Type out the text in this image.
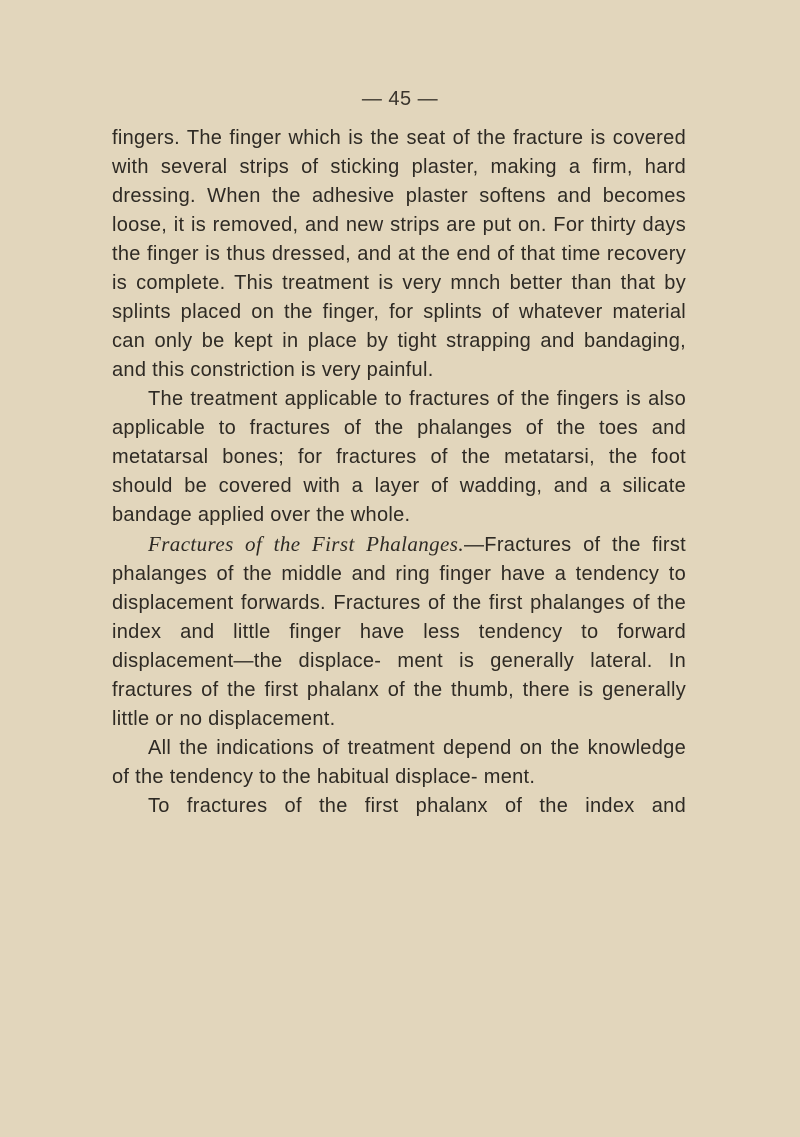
— 45 —

fingers. The finger which is the seat of the fracture is covered with several strips of sticking plaster, making a firm, hard dressing. When the adhesive plaster softens and becomes loose, it is removed, and new strips are put on. For thirty days the finger is thus dressed, and at the end of that time recovery is complete. This treatment is very mnch better than that by splints placed on the finger, for splints of whatever material can only be kept in place by tight strapping and bandaging, and this constriction is very painful.

The treatment applicable to fractures of the fingers is also applicable to fractures of the phalanges of the toes and metatarsal bones; for fractures of the metatarsi, the foot should be covered with a layer of wadding, and a silicate bandage applied over the whole.

Fractures of the First Phalanges.—Fractures of the first phalanges of the middle and ring finger have a tendency to displacement forwards. Fractures of the first phalanges of the index and little finger have less tendency to forward displacement—the displace- ment is generally lateral. In fractures of the first phalanx of the thumb, there is generally little or no displacement.

All the indications of treatment depend on the knowledge of the tendency to the habitual displace- ment.

To fractures of the first phalanx of the index and
